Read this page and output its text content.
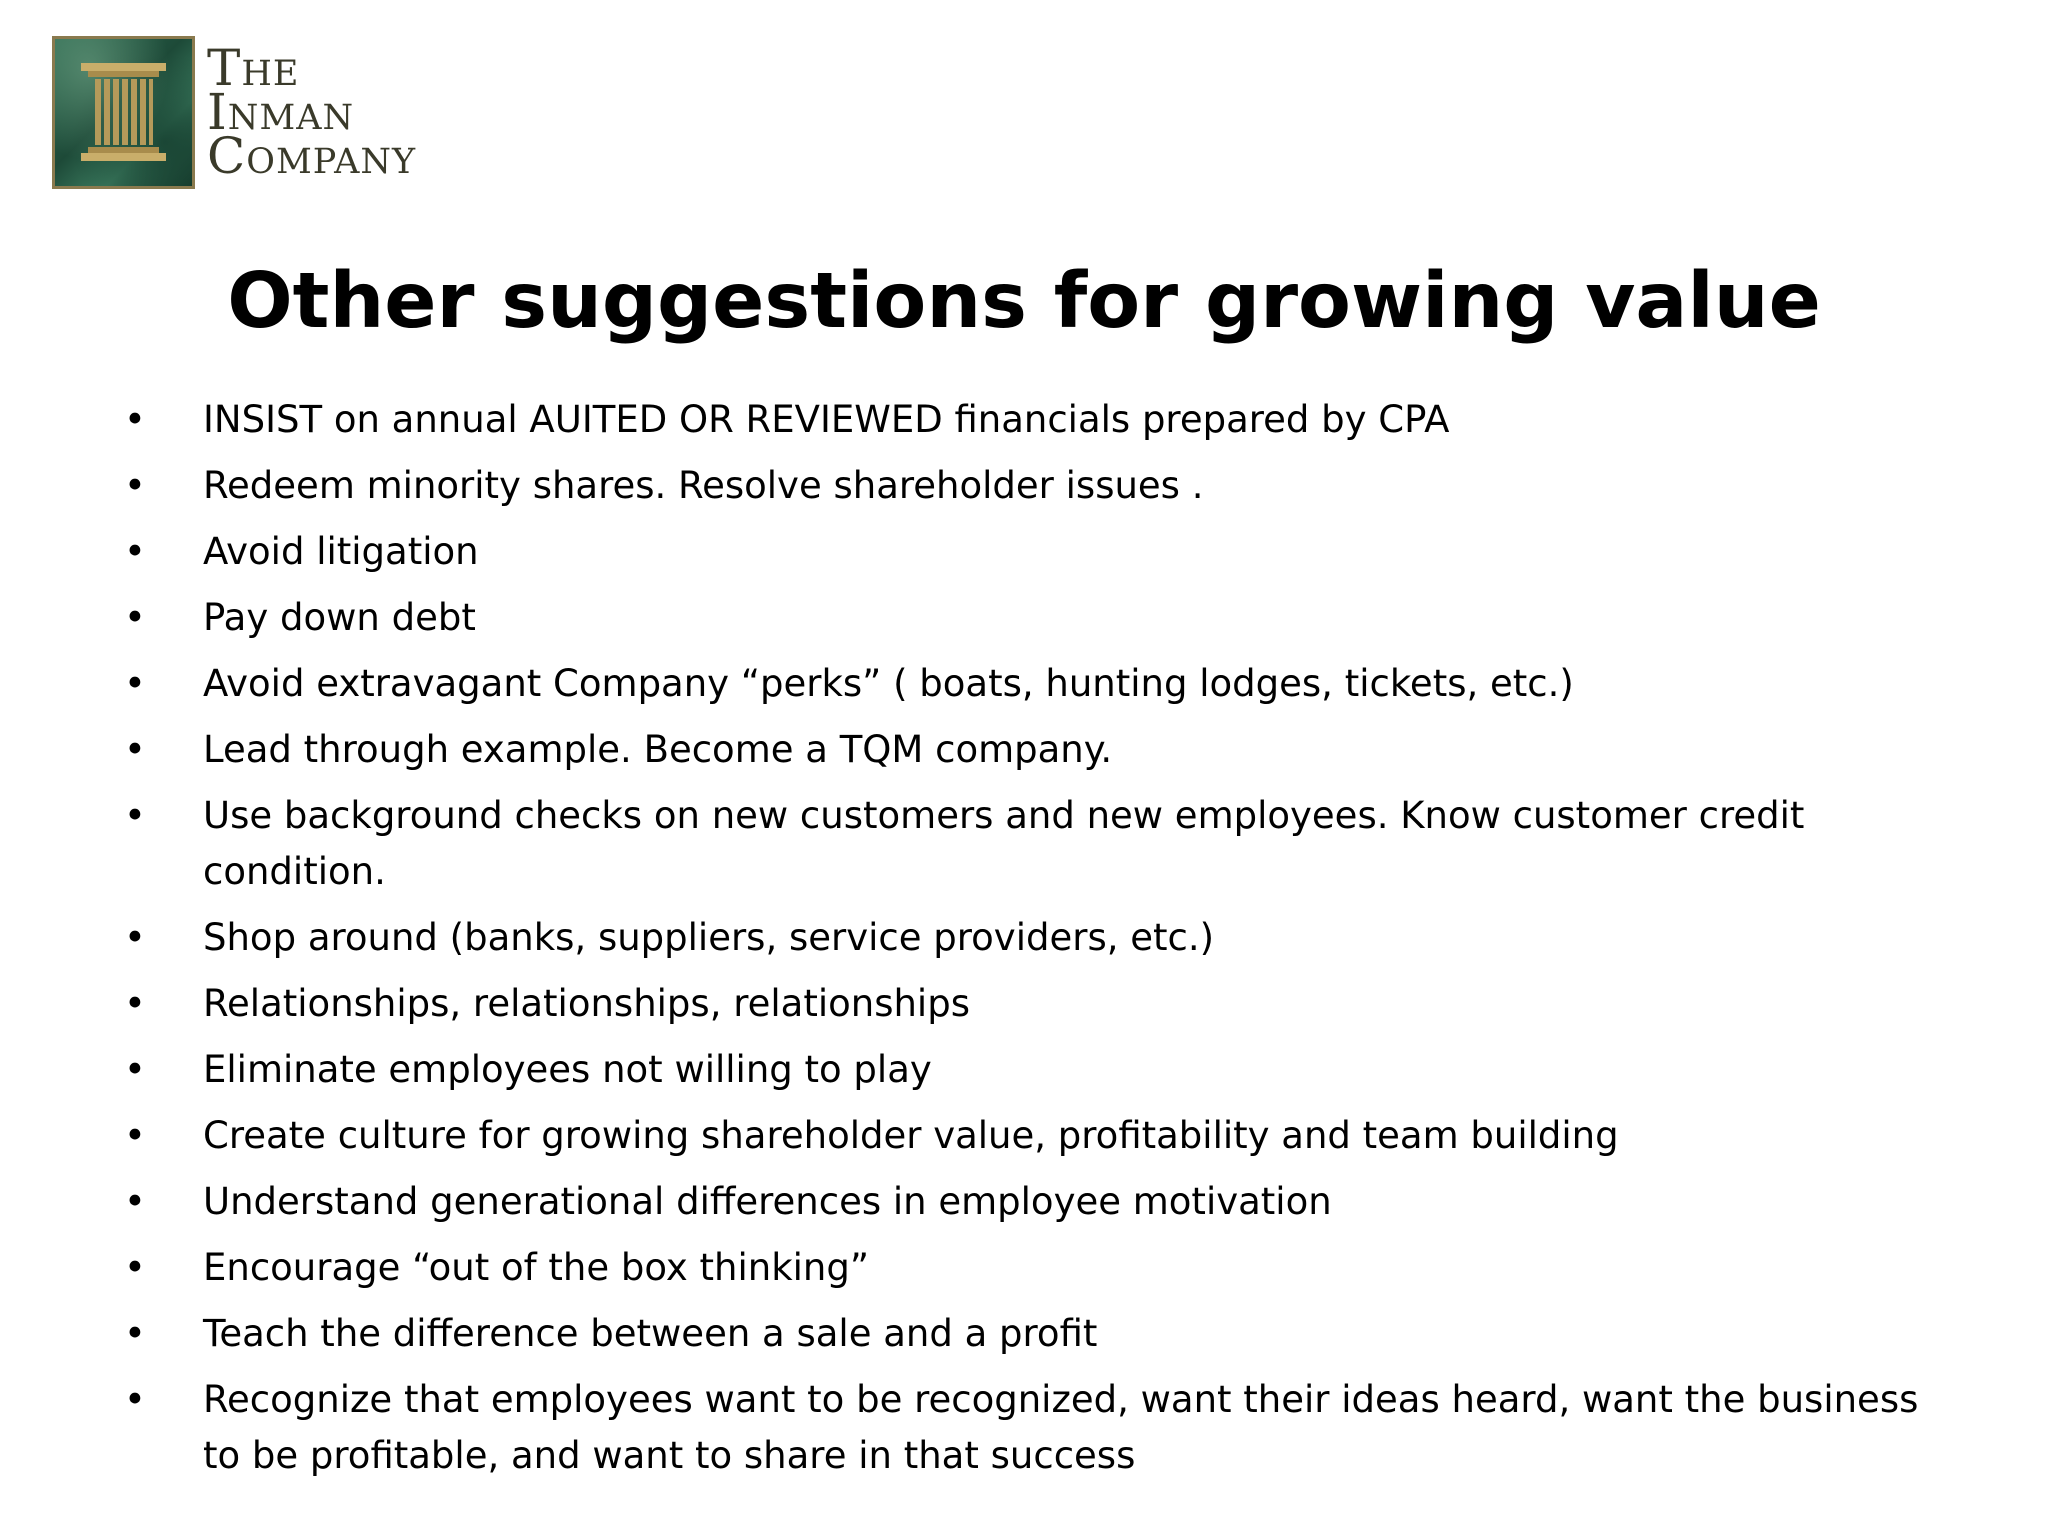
The
Inman
Company
Other suggestions for growing value
• INSIST on annual AUITED OR REVIEWED financials prepared by CPA
• Redeem minority shares. Resolve shareholder issues .
• Avoid litigation
• Pay down debt
• Avoid extravagant Company “perks” ( boats, hunting lodges, tickets, etc.)
• Lead through example. Become a TQM company.
• Use background checks on new customers and new employees. Know customer credit condition.
• Shop around (banks, suppliers, service providers, etc.)
• Relationships, relationships, relationships
• Eliminate employees not willing to play
• Create culture for growing shareholder value, profitability and team building
• Understand generational differences in employee motivation
• Encourage “out of the box thinking”
• Teach the difference between a sale and a profit
• Recognize that employees want to be recognized, want their ideas heard, want the business to be profitable, and want to share in that success
